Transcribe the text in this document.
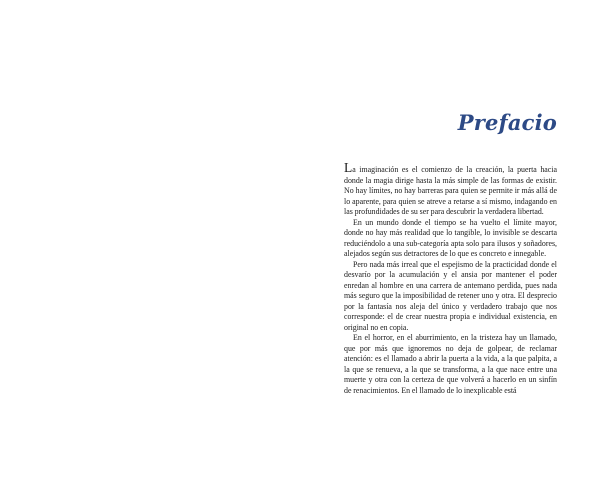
Prefacio

La imaginación es el comienzo de la creación, la puerta hacia donde la magia dirige hasta la más simple de las formas de existir. No hay límites, no hay barreras para quien se permite ir más allá de lo aparente, para quien se atreve a retarse a sí mismo, indagando en las profundidades de su ser para descubrir la verdadera libertad.

En un mundo donde el tiempo se ha vuelto el límite mayor, donde no hay más realidad que lo tangible, lo invisible se descarta reduciéndolo a una sub-categoría apta solo para ilusos y soñadores, alejados según sus detractores de lo que es concreto e innegable.

Pero nada más irreal que el espejismo de la practicidad donde el desvarío por la acumulación y el ansia por mantener el poder enredan al hombre en una carrera de antemano perdida, pues nada más seguro que la imposibilidad de retener uno y otra. El desprecio por la fantasía nos aleja del único y verdadero trabajo que nos corresponde: el de crear nuestra propia e individual existencia, en original no en copia.

En el horror, en el aburrimiento, en la tristeza hay un llamado, que por más que ignoremos no deja de golpear, de reclamar atención: es el llamado a abrir la puerta a la vida, a la que palpita, a la que se renueva, a la que se transforma, a la que nace entre una muerte y otra con la certeza de que volverá a hacerlo en un sinfín de renacimientos. En el llamado de lo inexplicable está
